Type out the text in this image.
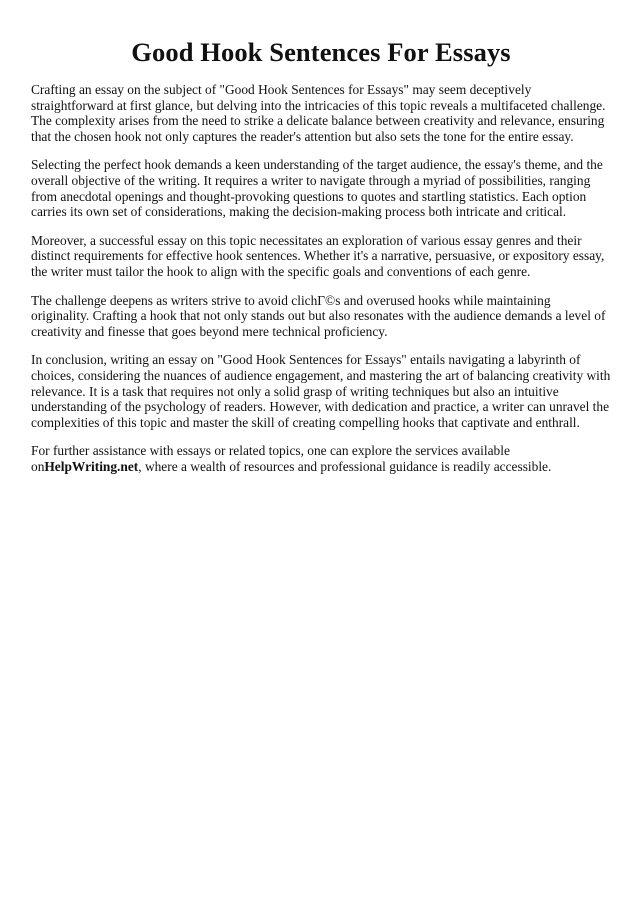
Good Hook Sentences For Essays

Crafting an essay on the subject of "Good Hook Sentences for Essays" may seem deceptively straightforward at first glance, but delving into the intricacies of this topic reveals a multifaceted challenge. The complexity arises from the need to strike a delicate balance between creativity and relevance, ensuring that the chosen hook not only captures the reader's attention but also sets the tone for the entire essay.

Selecting the perfect hook demands a keen understanding of the target audience, the essay's theme, and the overall objective of the writing. It requires a writer to navigate through a myriad of possibilities, ranging from anecdotal openings and thought-provoking questions to quotes and startling statistics. Each option carries its own set of considerations, making the decision-making process both intricate and critical.

Moreover, a successful essay on this topic necessitates an exploration of various essay genres and their distinct requirements for effective hook sentences. Whether it's a narrative, persuasive, or expository essay, the writer must tailor the hook to align with the specific goals and conventions of each genre.

The challenge deepens as writers strive to avoid clichΓ©s and overused hooks while maintaining originality. Crafting a hook that not only stands out but also resonates with the audience demands a level of creativity and finesse that goes beyond mere technical proficiency.

In conclusion, writing an essay on "Good Hook Sentences for Essays" entails navigating a labyrinth of choices, considering the nuances of audience engagement, and mastering the art of balancing creativity with relevance. It is a task that requires not only a solid grasp of writing techniques but also an intuitive understanding of the psychology of readers. However, with dedication and practice, a writer can unravel the complexities of this topic and master the skill of creating compelling hooks that captivate and enthrall.

For further assistance with essays or related topics, one can explore the services available onHelpWriting.net, where a wealth of resources and professional guidance is readily accessible.
